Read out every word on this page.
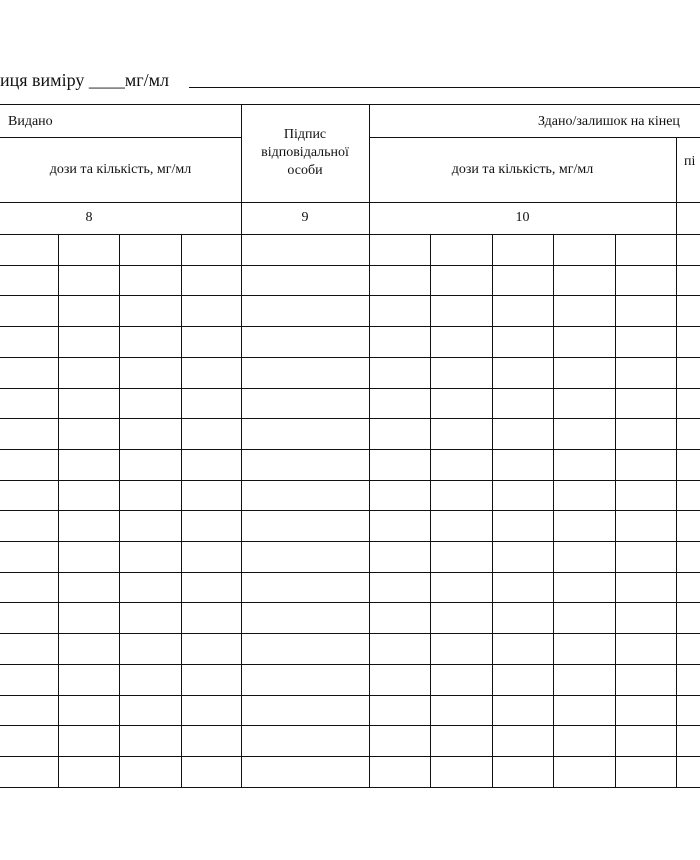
иця виміру ____мг/мл
Видано
дози та кількість, мг/мл
Підпис
відповідальної
особи
Здано/залишок на кінец
дози та кількість, мг/мл
пі
8	9	10
